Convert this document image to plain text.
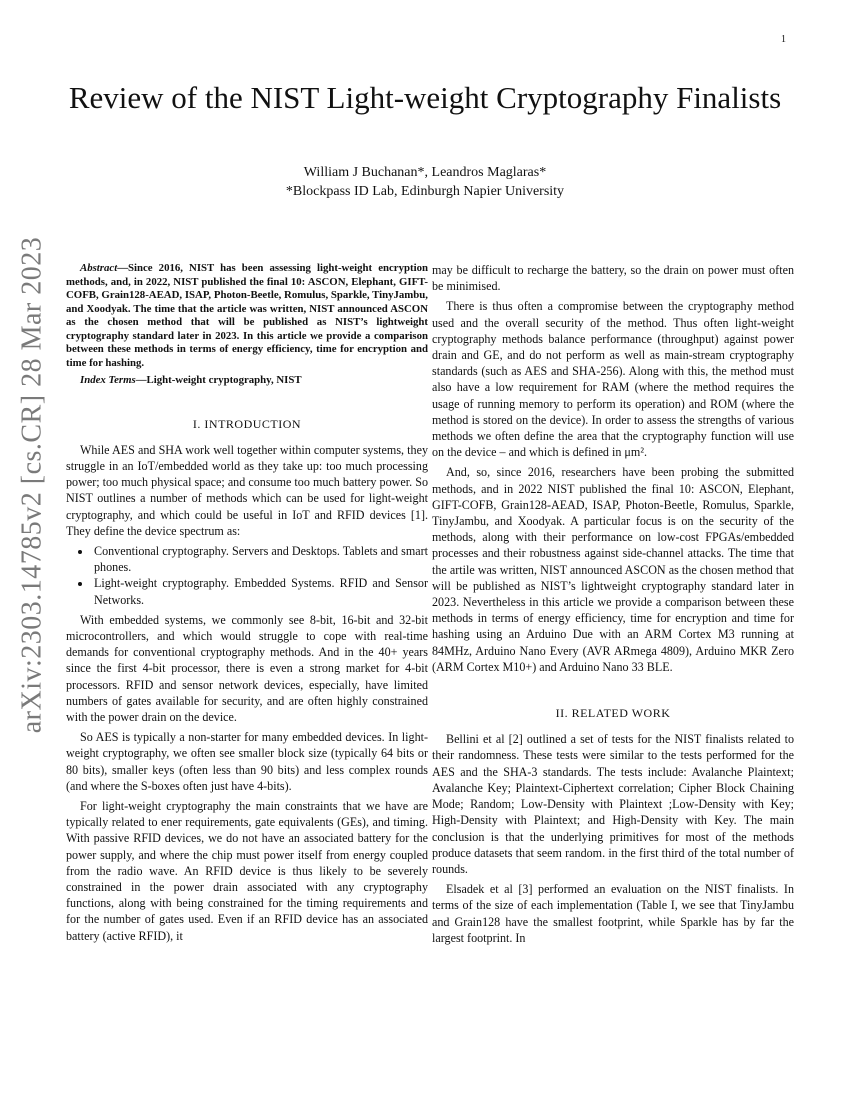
1
arXiv:2303.14785v2 [cs.CR] 28 Mar 2023
Review of the NIST Light-weight Cryptography Finalists
William J Buchanan*, Leandros Maglaras*
*Blockpass ID Lab, Edinburgh Napier University

Abstract—Since 2016, NIST has been assessing light-weight encryption methods, and, in 2022, NIST published the final 10: ASCON, Elephant, GIFT-COFB, Grain128-AEAD, ISAP, Photon-Beetle, Romulus, Sparkle, TinyJambu, and Xoodyak. The time that the article was written, NIST announced ASCON as the chosen method that will be published as NIST’s lightweight cryptography standard later in 2023. In this article we provide a comparison between these methods in terms of energy efficiency, time for encryption and time for hashing.

Index Terms—Light-weight cryptography, NIST

I. INTRODUCTION

While AES and SHA work well together within computer systems, they struggle in an IoT/embedded world as they take up: too much processing power; too much physical space; and consume too much battery power. So NIST outlines a number of methods which can be used for light-weight cryptography, and which could be useful in IoT and RFID devices [1]. They define the device spectrum as:

• Conventional cryptography. Servers and Desktops. Tablets and smart phones.
• Light-weight cryptography. Embedded Systems. RFID and Sensor Networks.

With embedded systems, we commonly see 8-bit, 16-bit and 32-bit microcontrollers, and which would struggle to cope with real-time demands for conventional cryptography methods. And in the 40+ years since the first 4-bit processor, there is even a strong market for 4-bit processors. RFID and sensor network devices, especially, have limited numbers of gates available for security, and are often highly constrained with the power drain on the device.

So AES is typically a non-starter for many embedded devices. In light-weight cryptography, we often see smaller block size (typically 64 bits or 80 bits), smaller keys (often less than 90 bits) and less complex rounds (and where the S-boxes often just have 4-bits).

For light-weight cryptography the main constraints that we have are typically related to ener requirements, gate equivalents (GEs), and timing. With passive RFID devices, we do not have an associated battery for the power supply, and where the chip must power itself from energy coupled from the radio wave. An RFID device is thus likely to be severely constrained in the power drain associated with any cryptography functions, along with being constrained for the timing requirements and for the number of gates used. Even if an RFID device has an associated battery (active RFID), it

may be difficult to recharge the battery, so the drain on power must often be minimised.

There is thus often a compromise between the cryptography method used and the overall security of the method. Thus often light-weight cryptography methods balance performance (throughput) against power drain and GE, and do not perform as well as main-stream cryptography standards (such as AES and SHA-256). Along with this, the method must also have a low requirement for RAM (where the method requires the usage of running memory to perform its operation) and ROM (where the method is stored on the device). In order to assess the strengths of various methods we often define the area that the cryptography function will use on the device – and which is defined in μm².

And, so, since 2016, researchers have been probing the submitted methods, and in 2022 NIST published the final 10: ASCON, Elephant, GIFT-COFB, Grain128-AEAD, ISAP, Photon-Beetle, Romulus, Sparkle, TinyJambu, and Xoodyak. A particular focus is on the security of the methods, along with their performance on low-cost FPGAs/embedded processes and their robustness against side-channel attacks. The time that the artile was written, NIST announced ASCON as the chosen method that will be published as NIST’s lightweight cryptography standard later in 2023. Nevertheless in this article we provide a comparison between these methods in terms of energy efficiency, time for encryption and time for hashing using an Arduino Due with an ARM Cortex M3 running at 84MHz, Arduino Nano Every (AVR ARmega 4809), Arduino MKR Zero (ARM Cortex M10+) and Arduino Nano 33 BLE.

II. RELATED WORK

Bellini et al [2] outlined a set of tests for the NIST finalists related to their randomness. These tests were similar to the tests performed for the AES and the SHA-3 standards. The tests include: Avalanche Plaintext; Avalanche Key; Plaintext-Ciphertext correlation; Cipher Block Chaining Mode; Random; Low-Density with Plaintext ;Low-Density with Key; High-Density with Plaintext; and High-Density with Key. The main conclusion is that the underlying primitives for most of the methods produce datasets that seem random. in the first third of the total number of rounds.

Elsadek et al [3] performed an evaluation on the NIST finalists. In terms of the size of each implementation (Table I, we see that TinyJambu and Grain128 have the smallest footprint, while Sparkle has by far the largest footprint. In
